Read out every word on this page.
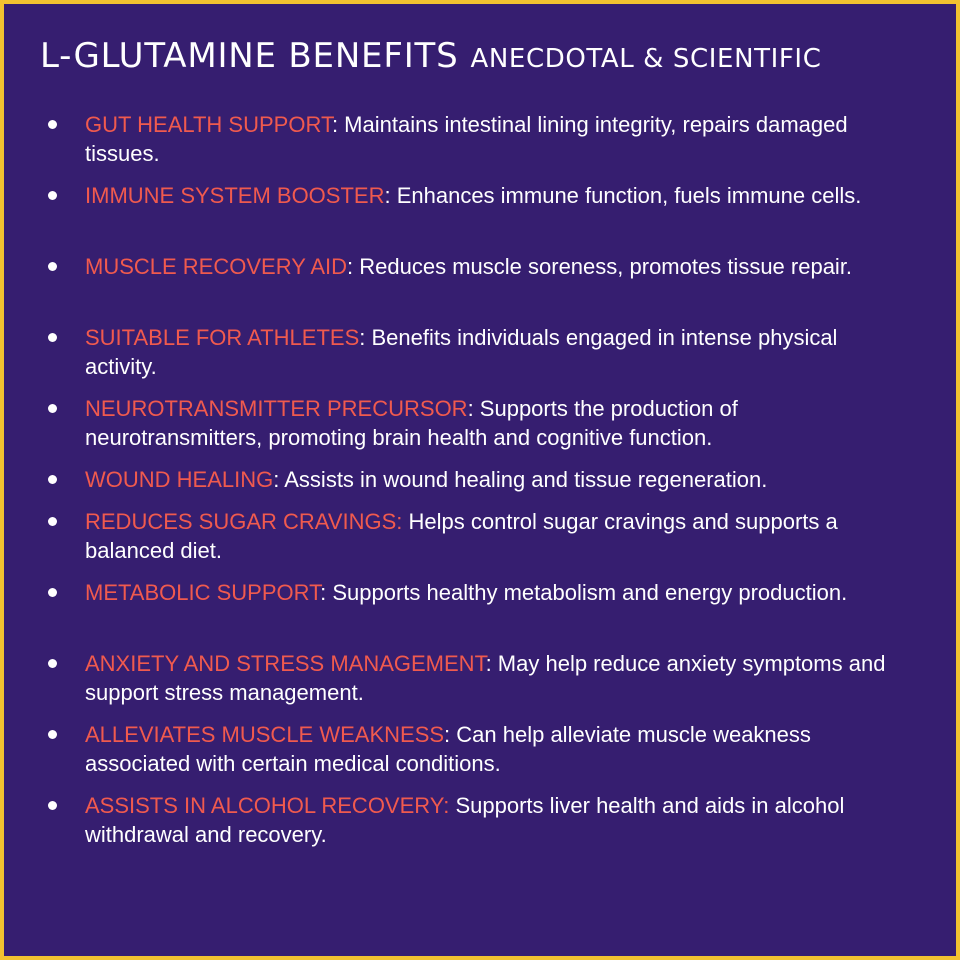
L-GLUTAMINE BENEFITS ANECDOTAL & SCIENTIFIC
GUT HEALTH SUPPORT: Maintains intestinal lining integrity, repairs damaged tissues.
IMMUNE SYSTEM BOOSTER: Enhances immune function, fuels immune cells.
MUSCLE RECOVERY AID: Reduces muscle soreness, promotes tissue repair.
SUITABLE FOR ATHLETES: Benefits individuals engaged in intense physical activity.
NEUROTRANSMITTER PRECURSOR: Supports the production of neurotransmitters, promoting brain health and cognitive function.
WOUND HEALING: Assists in wound healing and tissue regeneration.
REDUCES SUGAR CRAVINGS: Helps control sugar cravings and supports a balanced diet.
METABOLIC SUPPORT: Supports healthy metabolism and energy production.
ANXIETY AND STRESS MANAGEMENT: May help reduce anxiety symptoms and support stress management.
ALLEVIATES MUSCLE WEAKNESS: Can help alleviate muscle weakness associated with certain medical conditions.
ASSISTS IN ALCOHOL RECOVERY: Supports liver health and aids in alcohol withdrawal and recovery.
